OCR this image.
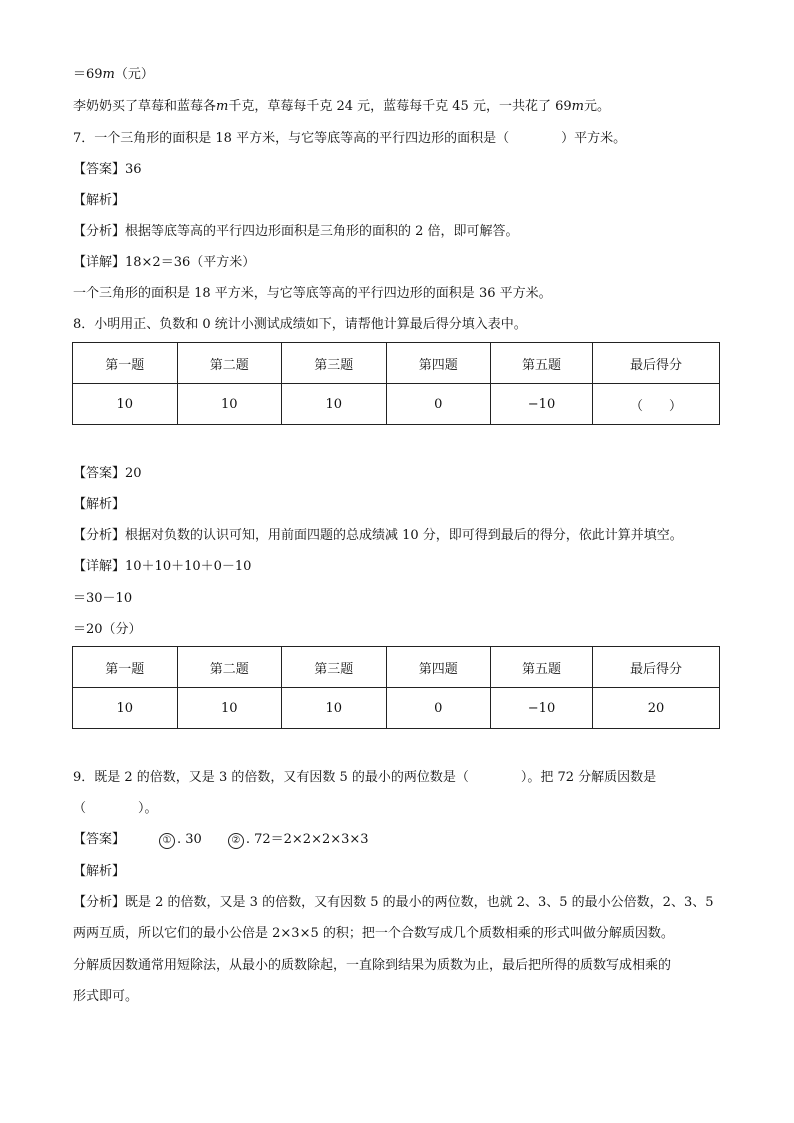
＝69m（元）
李奶奶买了草莓和蓝莓各m千克，草莓每千克 24 元，蓝莓每千克 45 元，一共花了 69m元。
7．一个三角形的面积是 18 平方米，与它等底等高的平行四边形的面积是（　　　　）平方米。
【答案】36
【解析】
【分析】根据等底等高的平行四边形面积是三角形的面积的 2 倍，即可解答。
【详解】18×2＝36（平方米）
一个三角形的面积是 18 平方米，与它等底等高的平行四边形的面积是 36 平方米。
8．小明用正、负数和 0 统计小测试成绩如下，请帮他计算最后得分填入表中。
第一题	第二题	第三题	第四题	第五题	最后得分
10	10	10	0	−10	（　　）
【答案】20
【解析】
【分析】根据对负数的认识可知，用前面四题的总成绩减 10 分，即可得到最后的得分，依此计算并填空。
【详解】10＋10＋10＋0－10
＝30－10
＝20（分）
第一题	第二题	第三题	第四题	第五题	最后得分
10	10	10	0	−10	20
9．既是 2 的倍数，又是 3 的倍数，又有因数 5 的最小的两位数是（　　　　）。把 72 分解质因数是
（　　　　）。
【答案】	① . 30	② . 72＝2×2×2×3×3
【解析】
【分析】既是 2 的倍数，又是 3 的倍数，又有因数 5 的最小的两位数，也就 2、3、5 的最小公倍数，2、3、5
两两互质，所以它们的最小公倍是 2×3×5 的积；把一个合数写成几个质数相乘的形式叫做分解质因数。
分解质因数通常用短除法，从最小的质数除起，一直除到结果为质数为止，最后把所得的质数写成相乘的
形式即可。
